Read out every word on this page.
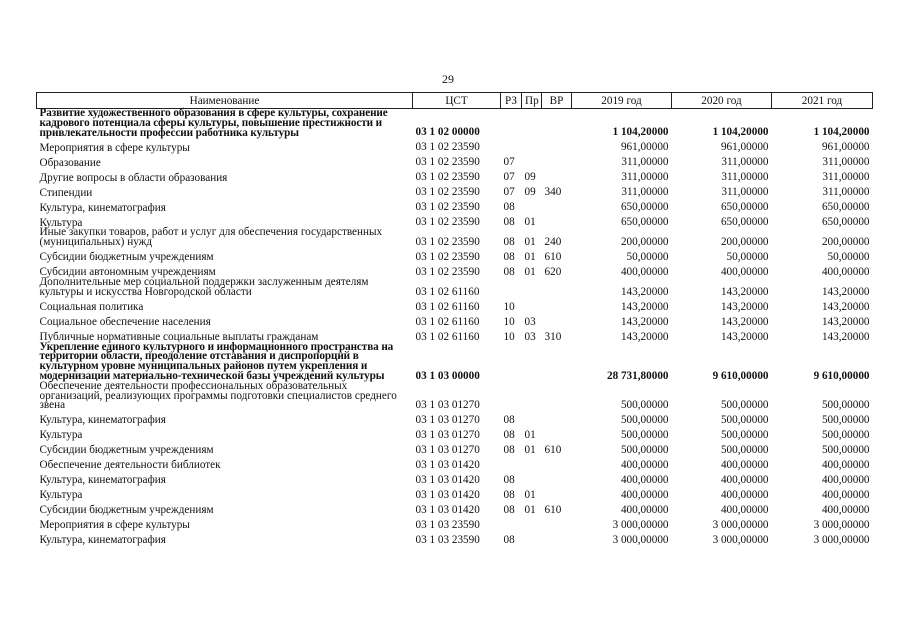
29
Наименование	ЦСТ	РЗ	Пр	ВР	2019 год	2020 год	2021 год
Развитие художественного образования в сфере культуры, сохранение кадрового потенциала сферы культуры, повышение престижности и привлекательности профессии работника культуры	03 1 02 00000				1 104,20000	1 104,20000	1 104,20000
Мероприятия в сфере культуры	03 1 02 23590				961,00000	961,00000	961,00000
Образование	03 1 02 23590	07			311,00000	311,00000	311,00000
Другие вопросы в области образования	03 1 02 23590	07	09		311,00000	311,00000	311,00000
Стипендии	03 1 02 23590	07	09	340	311,00000	311,00000	311,00000
Культура, кинематография	03 1 02 23590	08			650,00000	650,00000	650,00000
Культура	03 1 02 23590	08	01		650,00000	650,00000	650,00000
Иные закупки товаров, работ и услуг для обеспечения государственных (муниципальных) нужд	03 1 02 23590	08	01	240	200,00000	200,00000	200,00000
Субсидии бюджетным учреждениям	03 1 02 23590	08	01	610	50,00000	50,00000	50,00000
Субсидии автономным учреждениям	03 1 02 23590	08	01	620	400,00000	400,00000	400,00000
Дополнительные мер социальной поддержки заслуженным деятелям культуры и искусства Новгородской области	03 1 02 61160				143,20000	143,20000	143,20000
Социальная политика	03 1 02 61160	10			143,20000	143,20000	143,20000
Социальное обеспечение населения	03 1 02 61160	10	03		143,20000	143,20000	143,20000
Публичные нормативные социальные выплаты гражданам	03 1 02 61160	10	03	310	143,20000	143,20000	143,20000
Укрепление единого культурного и информационного пространства на территории области, преодоление отставания и диспропорций в культурном уровне муниципальных районов путем укрепления и модернизации материально-технической базы учреждений культуры	03 1 03 00000				28 731,80000	9 610,00000	9 610,00000
Обеспечение деятельности профессиональных образовательных организаций, реализующих программы подготовки специалистов среднего звена	03 1 03 01270				500,00000	500,00000	500,00000
Культура, кинематография	03 1 03 01270	08			500,00000	500,00000	500,00000
Культура	03 1 03 01270	08	01		500,00000	500,00000	500,00000
Субсидии бюджетным учреждениям	03 1 03 01270	08	01	610	500,00000	500,00000	500,00000
Обеспечение деятельности библиотек	03 1 03 01420				400,00000	400,00000	400,00000
Культура, кинематография	03 1 03 01420	08			400,00000	400,00000	400,00000
Культура	03 1 03 01420	08	01		400,00000	400,00000	400,00000
Субсидии бюджетным учреждениям	03 1 03 01420	08	01	610	400,00000	400,00000	400,00000
Мероприятия в сфере культуры	03 1 03 23590				3 000,00000	3 000,00000	3 000,00000
Культура, кинематография	03 1 03 23590	08			3 000,00000	3 000,00000	3 000,00000
